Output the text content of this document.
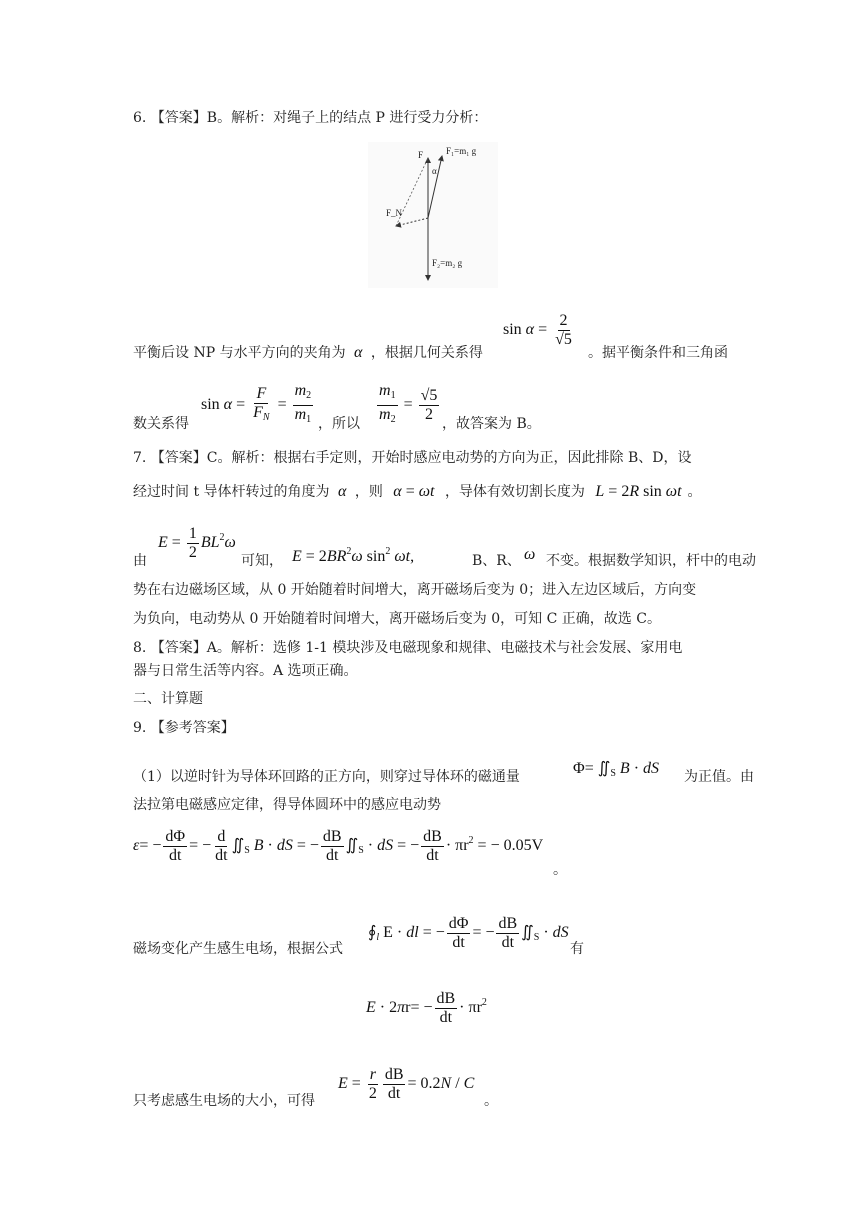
6. 【答案】B。解析：对绳子上的结点 P 进行受力分析：
F	F₁=m₁ g
α
F_N
F₂=m₂ g
平衡后设 NP 与水平方向的夹角为 α ，根据几何关系得
$\sin \alpha = \frac{2}{√5}$
。据平衡条件和三角函
数关系得
$\sin \alpha = \frac{F}{F_N} = \frac{m_2}{m_1}$ ，所以 $\frac{m_1}{m_2} = \frac{√5}{2}$ ，故答案为 B。
7. 【答案】C。解析：根据右手定则，开始时感应电动势的方向为正，因此排除 B、D，设
经过时间 t 导体杆转过的角度为 α ，则 α = ωt ，导体有效切割长度为 L = 2R sin ωt 。
由
$E = \frac{1}{2} BL^2\omega$
可知， $E = 2BR^2\omega$ $\sin^2 \omega t$,	B、R、 ω 不变。根据数学知识，杆中的电动
势在右边磁场区域，从 0 开始随着时间增大，离开磁场后变为 0；进入左边区域后，方向变
为负向，电动势从 0 开始随着时间增大，离开磁场后变为 0，可知 C 正确，故选 C。
8. 【答案】A。解析：选修 1-1 模块涉及电磁现象和规律、电磁技术与社会发展、家用电
器与日常生活等内容。A 选项正确。
二、计算题
9. 【参考答案】
（1）以逆时针为导体环回路的正方向，则穿过导体环的磁通量	$\Phi= ∬_S$ B · dS 为正值。由
法拉第电磁感应定律，得导体圆环中的感应电动势
$\varepsilon= - \frac{d\Phi}{dt}$ = − $\frac{d}{dt}$ $∬_S$ B · dS = − $\frac{dB}{dt}$ $∬_S$ · dS = − $\frac{dB}{dt} \cdot \pi r^2$ = − 0.05V
。
磁场变化产生感生电场，根据公式
$∮_l$ E · dl = − $\frac{d\Phi}{dt}$ = − $\frac{dB}{dt}$ $∬_S$ · dS
有
$E \cdot 2\pi r= - \frac{dB}{dt} \cdot \pi r^2$
只考虑感生电场的大小，可得
$E = \frac{r}{2} \frac{dB}{dt} = 0.2N / C$
。
